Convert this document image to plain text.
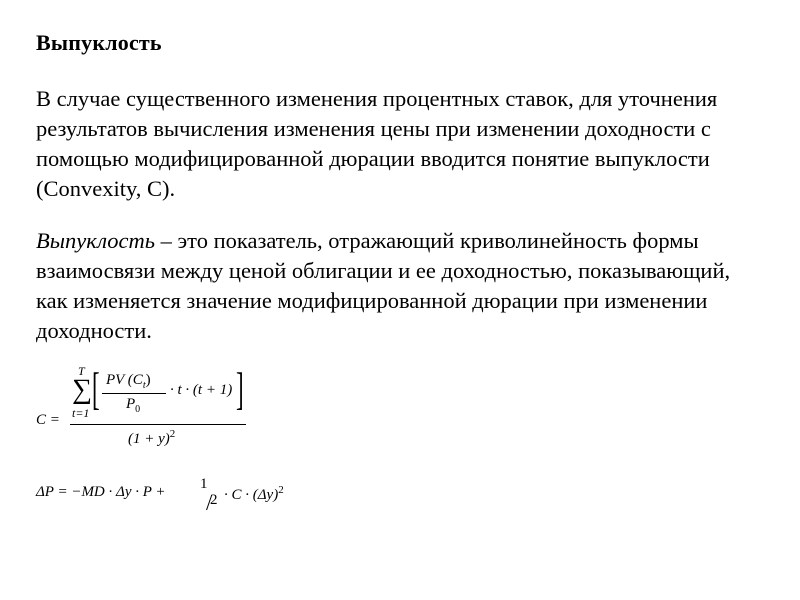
Выпуклость

В случае существенного изменения процентных ставок, для уточнения результатов вычисления изменения цены при изменении доходности с помощью модифицированной дюрации вводится понятие выпуклости (Convexity, C).

Выпуклость – это показатель, отражающий криволинейность формы взаимосвязи между ценой облигации и ее доходностью, показывающий, как изменяется значение модифицированной дюрации при изменении доходности.

C =
T
∑
t=1 [	]
PV $(C_t)$
$P_0$
· t · (t + 1)
$(1 + y)^2$
ΔP = −MD · Δy · P + 1
/
$2 \cdot C \cdot (\Delta y)^2$
